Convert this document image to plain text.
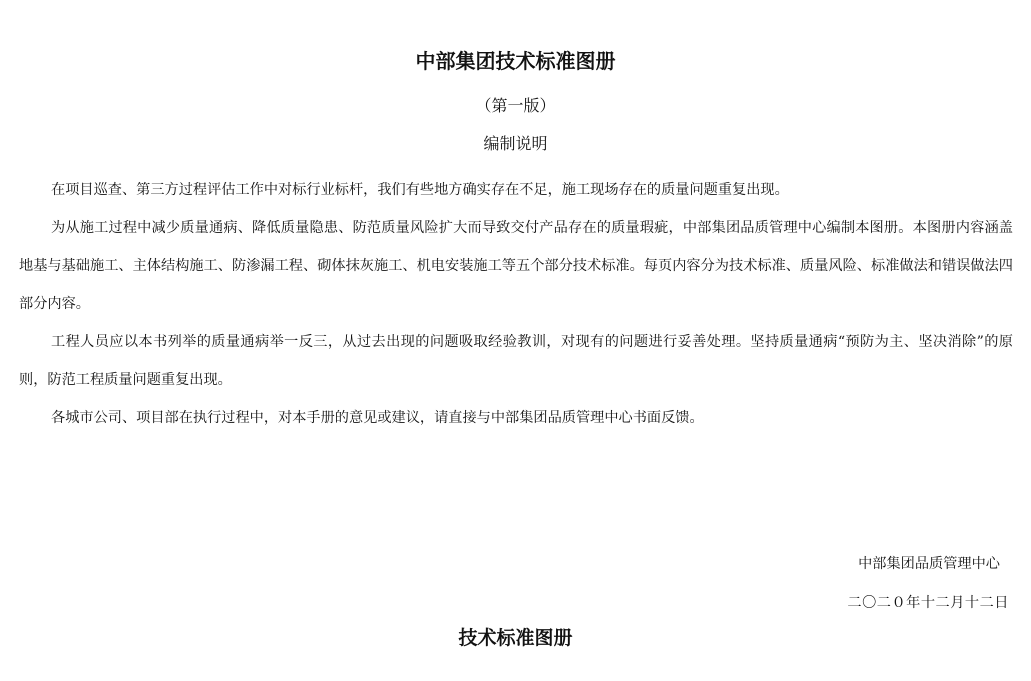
中部集团技术标准图册
（第一版）
编制说明

在项目巡查、第三方过程评估工作中对标行业标杆，我们有些地方确实存在不足，施工现场存在的质量问题重复出现。

为从施工过程中减少质量通病、降低质量隐患、防范质量风险扩大而导致交付产品存在的质量瑕疵，中部集团品质管理中心编制本图册。本图册内容涵盖地基与基础施工、主体结构施工、防渗漏工程、砌体抹灰施工、机电安装施工等五个部分技术标准。每页内容分为技术标准、质量风险、标准做法和错误做法四部分内容。

工程人员应以本书列举的质量通病举一反三，从过去出现的问题吸取经验教训，对现有的问题进行妥善处理。坚持质量通病“预防为主、坚决消除”的原则，防范工程质量问题重复出现。

各城市公司、项目部在执行过程中，对本手册的意见或建议，请直接与中部集团品质管理中心书面反馈。

中部集团品质管理中心
二〇二０年十二月十二日
技术标准图册
